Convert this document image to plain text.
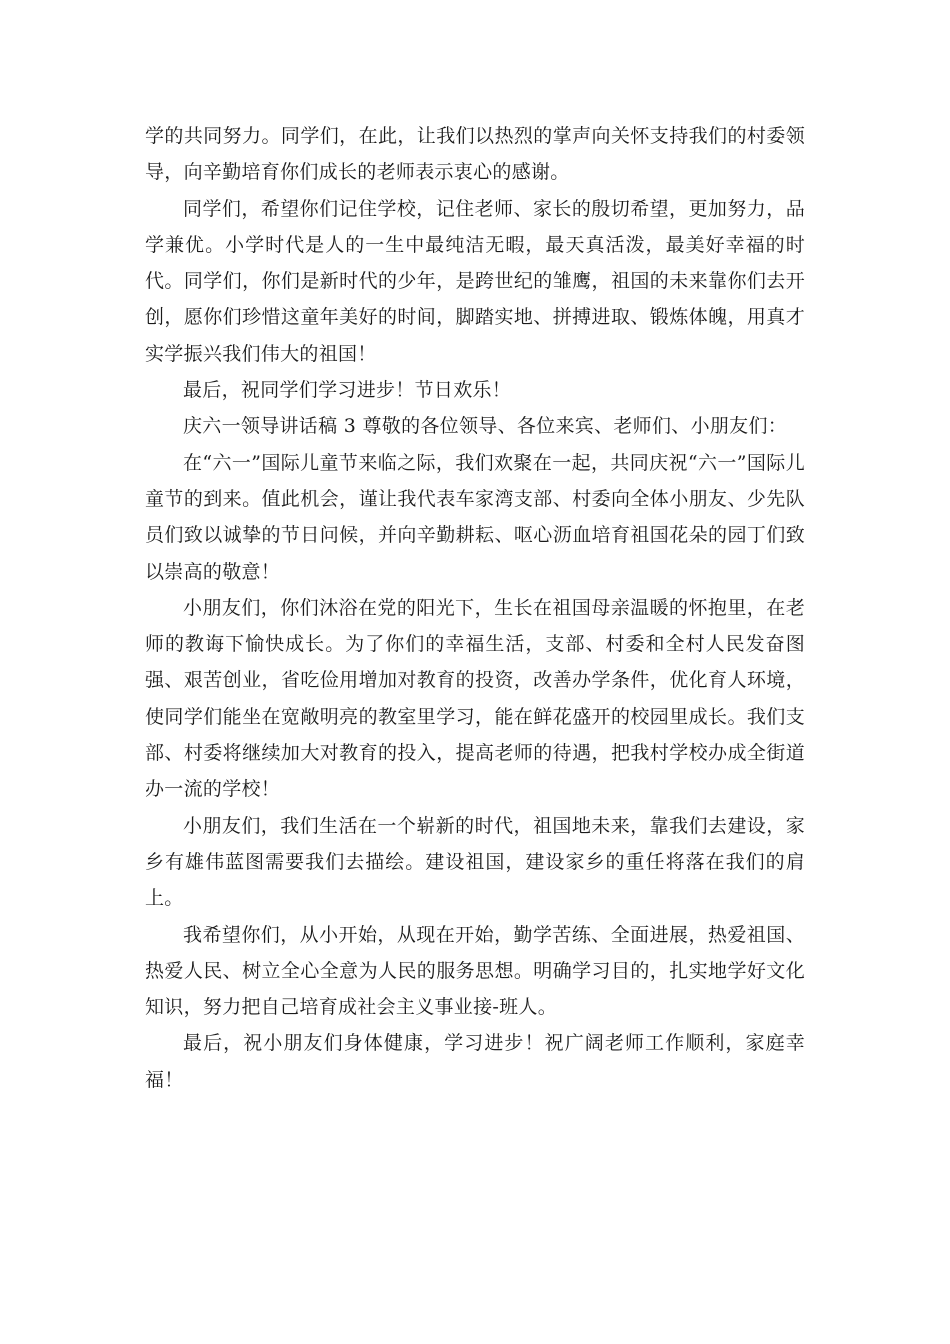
学的共同努力。同学们，在此，让我们以热烈的掌声向关怀支持我们的村委领导，向辛勤培育你们成长的老师表示衷心的感谢。

同学们，希望你们记住学校，记住老师、家长的殷切希望，更加努力，品学兼优。小学时代是人的一生中最纯洁无暇，最天真活泼，最美好幸福的时代。同学们，你们是新时代的少年，是跨世纪的雏鹰，祖国的未来靠你们去开创，愿你们珍惜这童年美好的时间，脚踏实地、拼搏进取、锻炼体魄，用真才实学振兴我们伟大的祖国！

最后，祝同学们学习进步！节日欢乐！

庆六一领导讲话稿 3 尊敬的各位领导、各位来宾、老师们、小朋友们：

在“六一”国际儿童节来临之际，我们欢聚在一起，共同庆祝“六一”国际儿童节的到来。值此机会，谨让我代表车家湾支部、村委向全体小朋友、少先队员们致以诚挚的节日问候，并向辛勤耕耘、呕心沥血培育祖国花朵的园丁们致以崇高的敬意！

小朋友们，你们沐浴在党的阳光下，生长在祖国母亲温暖的怀抱里，在老师的教诲下愉快成长。为了你们的幸福生活，支部、村委和全村人民发奋图强、艰苦创业，省吃俭用增加对教育的投资，改善办学条件，优化育人环境，使同学们能坐在宽敞明亮的教室里学习，能在鲜花盛开的校园里成长。我们支部、村委将继续加大对教育的投入，提高老师的待遇，把我村学校办成全街道办一流的学校！

小朋友们，我们生活在一个崭新的时代，祖国地未来，靠我们去建设，家乡有雄伟蓝图需要我们去描绘。建设祖国，建设家乡的重任将落在我们的肩上。

我希望你们，从小开始，从现在开始，勤学苦练、全面进展，热爱祖国、热爱人民、树立全心全意为人民的服务思想。明确学习目的，扎实地学好文化知识，努力把自己培育成社会主义事业接-班人。

最后，祝小朋友们身体健康，学习进步！祝广阔老师工作顺利，家庭幸福！
